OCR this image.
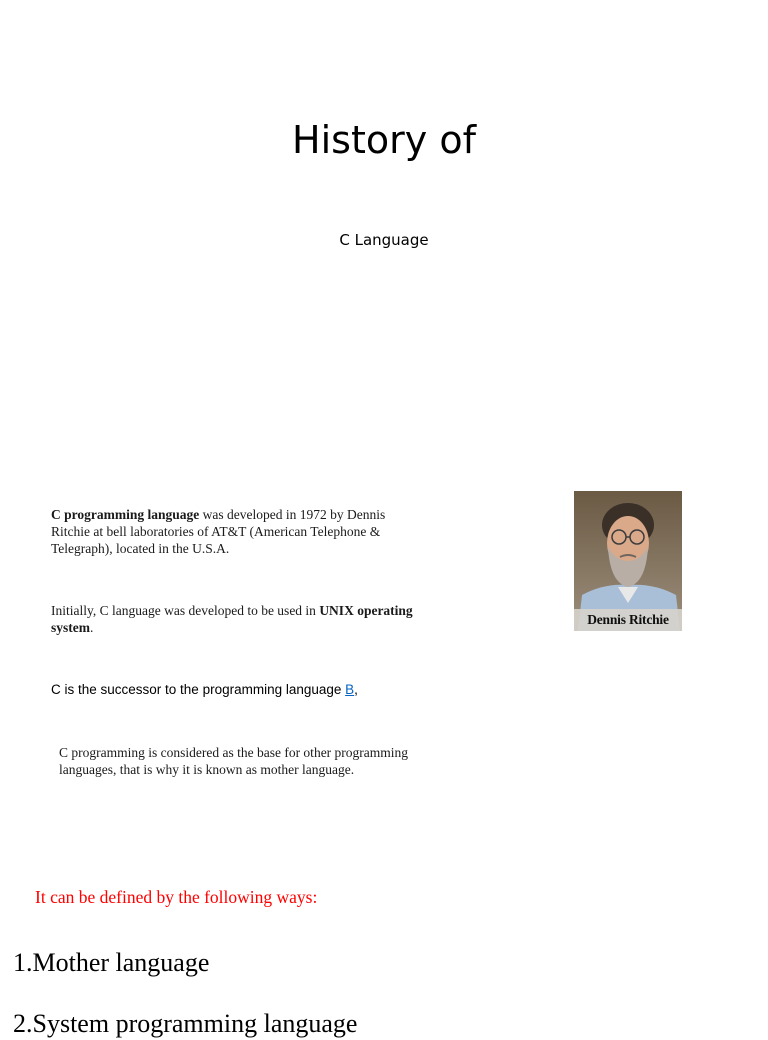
History of
C Language
C programming language was developed in 1972 by Dennis Ritchie at bell laboratories of AT&T (American Telephone & Telegraph), located in the U.S.A.
Initially, C language was developed to be used in UNIX operating system.
C is the successor to the programming language B,
C programming is considered as the base for other programming languages, that is why it is known as mother language.
Dennis Ritchie
It can be defined by the following ways:
1.Mother language
2.System programming language
